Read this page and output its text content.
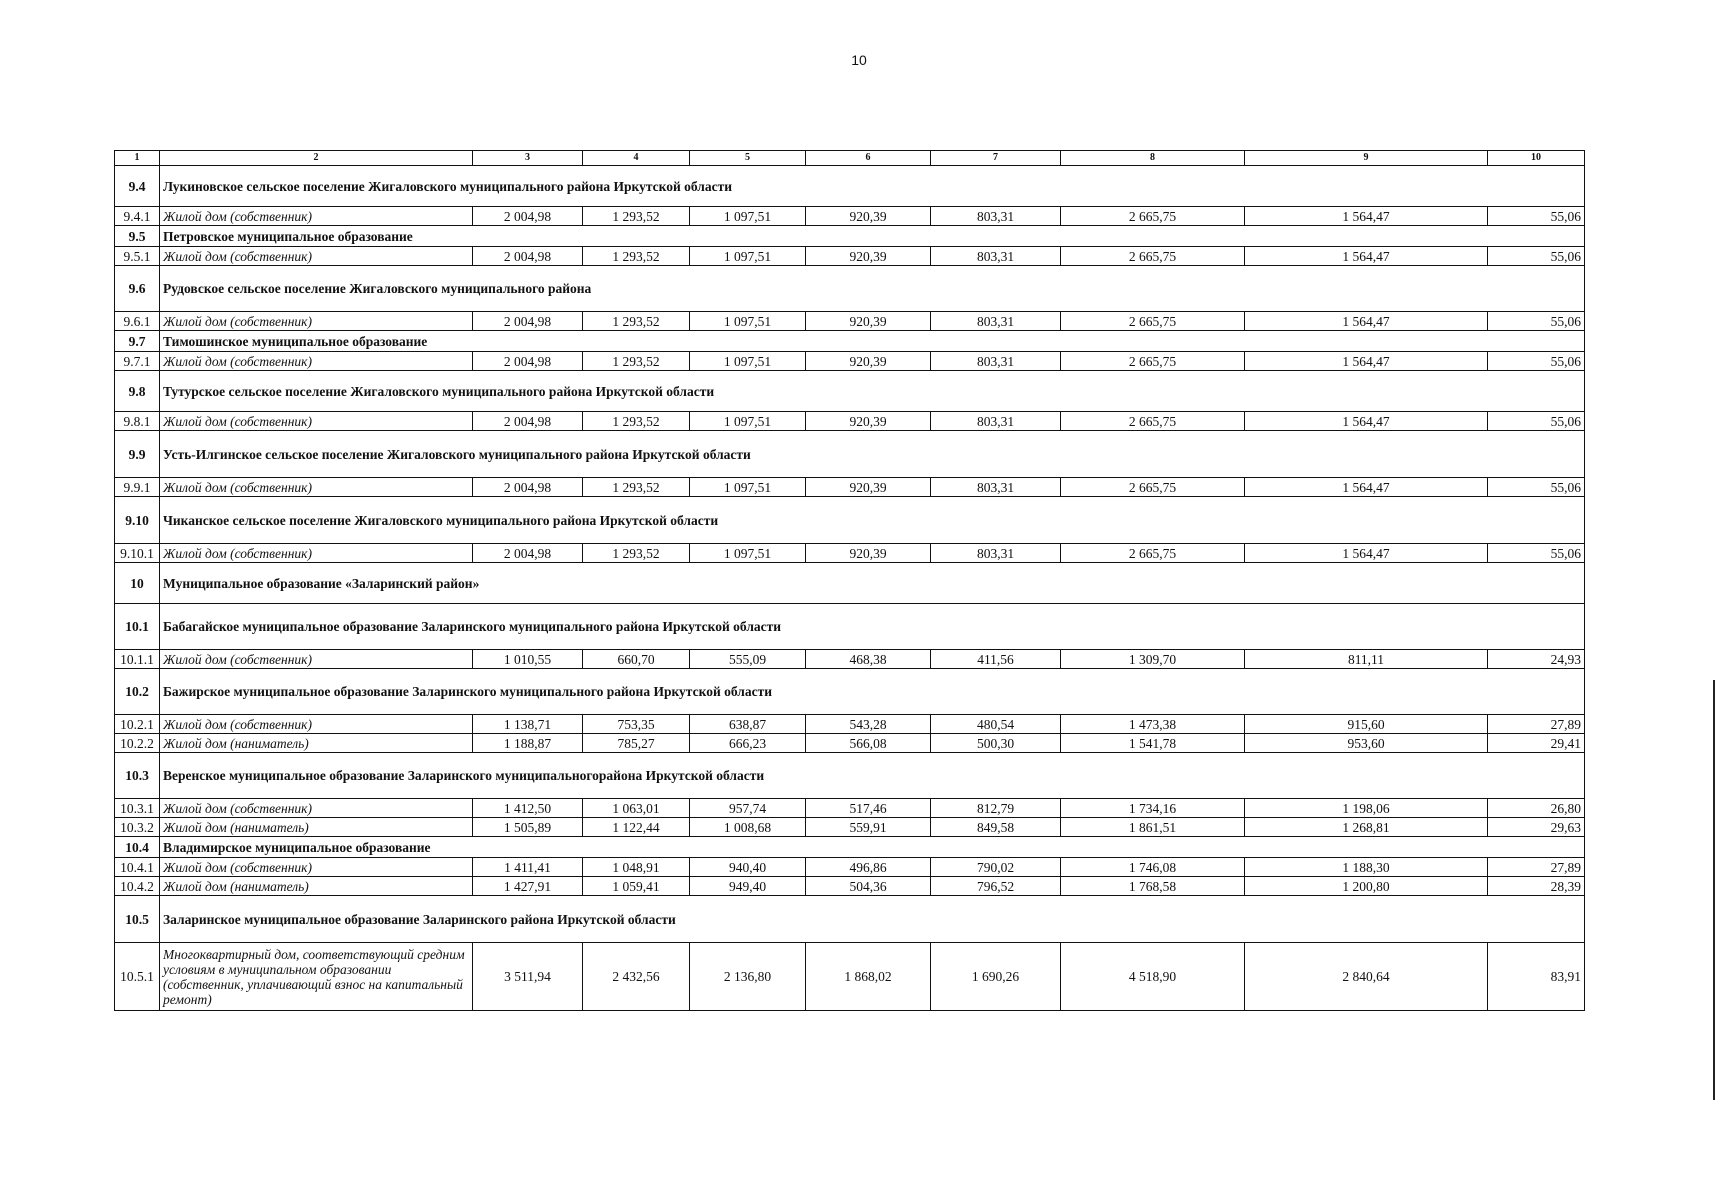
10
1	2	3	4	5	6	7	8	9	10
9.4	Лукиновское сельское поселение Жигаловского муниципального района Иркутской области								
9.4.1	Жилой дом (собственник)	2 004,98	1 293,52	1 097,51	920,39	803,31	2 665,75	1 564,47	55,06
9.5	Петровское муниципальное образование								
9.5.1	Жилой дом (собственник)	2 004,98	1 293,52	1 097,51	920,39	803,31	2 665,75	1 564,47	55,06
9.6	Рудовское сельское поселение Жигаловского муниципального района								
9.6.1	Жилой дом (собственник)	2 004,98	1 293,52	1 097,51	920,39	803,31	2 665,75	1 564,47	55,06
9.7	Тимошинское муниципальное образование								
9.7.1	Жилой дом (собственник)	2 004,98	1 293,52	1 097,51	920,39	803,31	2 665,75	1 564,47	55,06
9.8	Тутурское сельское поселение Жигаловского муниципального района Иркутской области								
9.8.1	Жилой дом (собственник)	2 004,98	1 293,52	1 097,51	920,39	803,31	2 665,75	1 564,47	55,06
9.9	Усть-Илгинское сельское поселение Жигаловского муниципального района Иркутской области								
9.9.1	Жилой дом (собственник)	2 004,98	1 293,52	1 097,51	920,39	803,31	2 665,75	1 564,47	55,06
9.10	Чиканское сельское поселение Жигаловского муниципального района Иркутской области								
9.10.1	Жилой дом (собственник)	2 004,98	1 293,52	1 097,51	920,39	803,31	2 665,75	1 564,47	55,06
10	Муниципальное образование «Заларинский район»								
10.1	Бабагайское муниципальное образование Заларинского муниципального района Иркутской области								
10.1.1	Жилой дом (собственник)	1 010,55	660,70	555,09	468,38	411,56	1 309,70	811,11	24,93
10.2	Бажирское муниципальное образование Заларинского муниципального района Иркутской области								
10.2.1	Жилой дом (собственник)	1 138,71	753,35	638,87	543,28	480,54	1 473,38	915,60	27,89
10.2.2	Жилой дом (наниматель)	1 188,87	785,27	666,23	566,08	500,30	1 541,78	953,60	29,41
10.3	Веренское муниципальное образование Заларинского муниципальногорайона Иркутской области								
10.3.1	Жилой дом (собственник)	1 412,50	1 063,01	957,74	517,46	812,79	1 734,16	1 198,06	26,80
10.3.2	Жилой дом (наниматель)	1 505,89	1 122,44	1 008,68	559,91	849,58	1 861,51	1 268,81	29,63
10.4	Владимирское муниципальное образование								
10.4.1	Жилой дом (собственник)	1 411,41	1 048,91	940,40	496,86	790,02	1 746,08	1 188,30	27,89
10.4.2	Жилой дом (наниматель)	1 427,91	1 059,41	949,40	504,36	796,52	1 768,58	1 200,80	28,39
10.5	Заларинское муниципальное образование Заларинского района Иркутской области								
10.5.1	Многоквартирный дом, соответствующий средним условиям в муниципальном образовании (собственник, уплачивающий взнос на капитальный ремонт)	3 511,94	2 432,56	2 136,80	1 868,02	1 690,26	4 518,90	2 840,64	83,91
